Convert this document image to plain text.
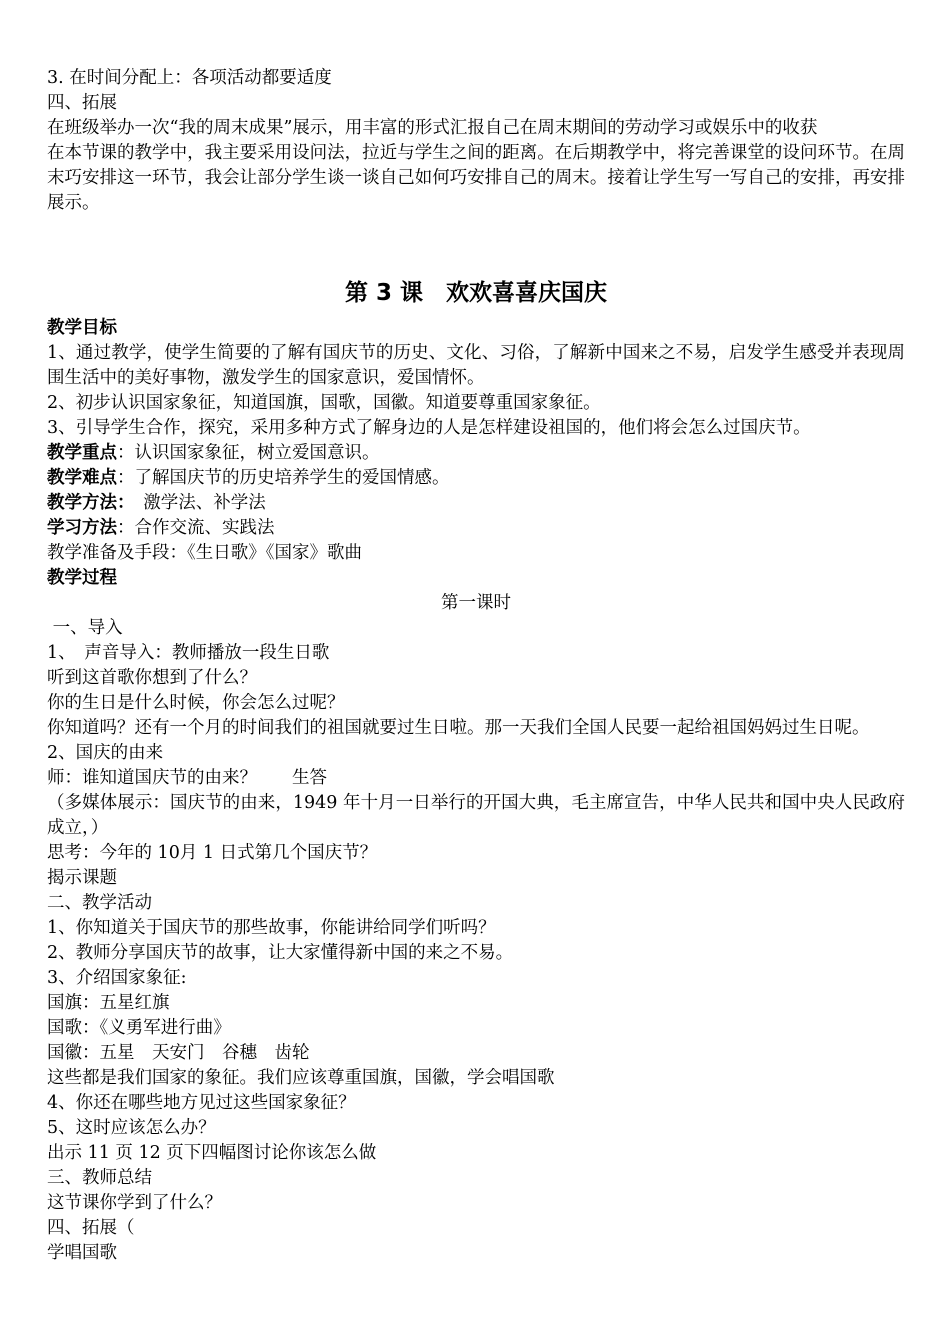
3. 在时间分配上：各项活动都要适度

四、拓展

在班级举办一次“我的周末成果”展示，用丰富的形式汇报自己在周末期间的劳动学习或娱乐中的收获

在本节课的教学中，我主要采用设问法，拉近与学生之间的距离。在后期教学中，将完善课堂的设问环节。在周末巧安排这一环节，我会让部分学生谈一谈自己如何巧安排自己的周末。接着让学生写一写自己的安排，再安排展示。

第 3 课　欢欢喜喜庆国庆

教学目标

1、通过教学，使学生简要的了解有国庆节的历史、文化、习俗，了解新中国来之不易，启发学生感受并表现周围生活中的美好事物，激发学生的国家意识，爱国情怀。

2、初步认识国家象征，知道国旗，国歌，国徽。知道要尊重国家象征。

3、引导学生合作，探究，采用多种方式了解身边的人是怎样建设祖国的，他们将会怎么过国庆节。

教学重点：认识国家象征，树立爱国意识。

教学难点：了解国庆节的历史培养学生的爱国情感。

教学方法：　激学法、补学法

学习方法：合作交流、实践法

教学准备及手段：《生日歌》《国家》歌曲

教学过程

第一课时

一、导入

1、　声音导入：教师播放一段生日歌

听到这首歌你想到了什么？

你的生日是什么时候，你会怎么过呢？

你知道吗？还有一个月的时间我们的祖国就要过生日啦。那一天我们全国人民要一起给祖国妈妈过生日呢。

2、国庆的由来

师：谁知道国庆节的由来？　　生答

（多媒体展示：国庆节的由来，1949 年十月一日举行的开国大典，毛主席宣告，中华人民共和国中央人民政府成立，）

思考：今年的 10月 1 日式第几个国庆节？

揭示课题

二、教学活动

1、你知道关于国庆节的那些故事，你能讲给同学们听吗？

2、教师分享国庆节的故事，让大家懂得新中国的来之不易。

3、介绍国家象征:

国旗：五星红旗

国歌：《义勇军进行曲》

国徽：五星　天安门　谷穗　齿轮

这些都是我们国家的象征。我们应该尊重国旗，国徽，学会唱国歌

4、你还在哪些地方见过这些国家象征？

5、这时应该怎么办？

出示 11 页 12 页下四幅图讨论你该怎么做

三、教师总结

这节课你学到了什么？

四、拓展（

学唱国歌
